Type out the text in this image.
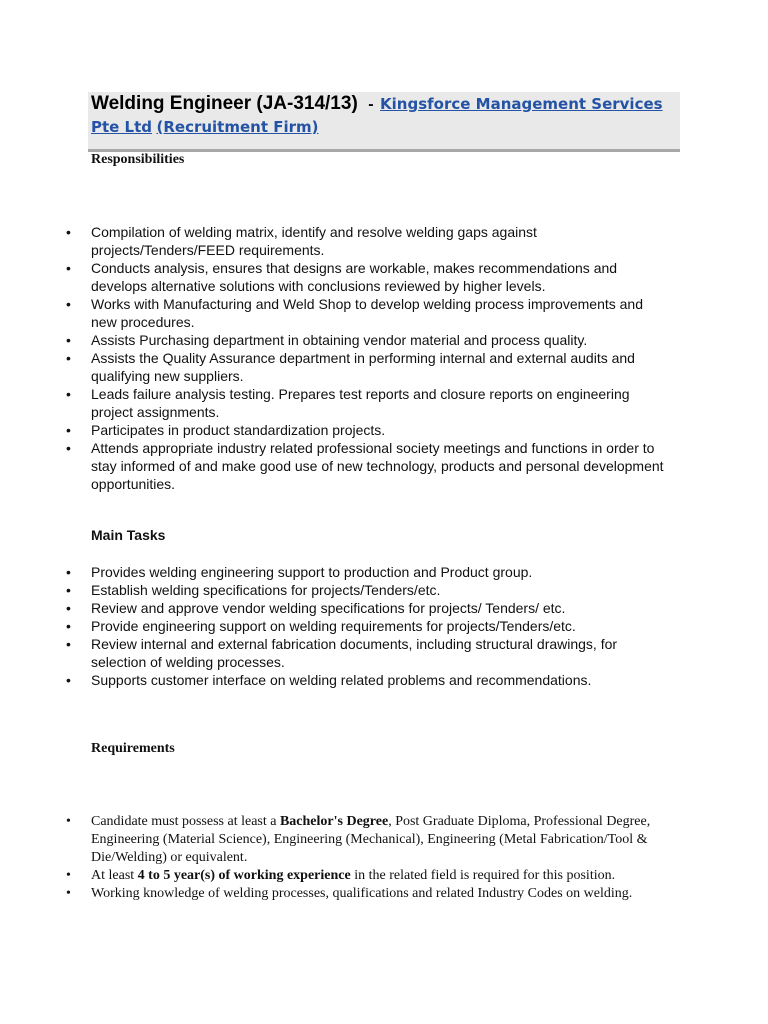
Welding Engineer (JA-314/13) - Kingsforce Management Services Pte Ltd (Recruitment Firm)
Responsibilities
• Compilation of welding matrix, identify and resolve welding gaps against projects/Tenders/FEED requirements.
• Conducts analysis, ensures that designs are workable, makes recommendations and develops alternative solutions with conclusions reviewed by higher levels.
• Works with Manufacturing and Weld Shop to develop welding process improvements and new procedures.
• Assists Purchasing department in obtaining vendor material and process quality.
• Assists the Quality Assurance department in performing internal and external audits and qualifying new suppliers.
• Leads failure analysis testing. Prepares test reports and closure reports on engineering project assignments.
• Participates in product standardization projects.
• Attends appropriate industry related professional society meetings and functions in order to stay informed of and make good use of new technology, products and personal development opportunities.
Main Tasks
• Provides welding engineering support to production and Product group.
• Establish welding specifications for projects/Tenders/etc.
• Review and approve vendor welding specifications for projects/ Tenders/ etc.
• Provide engineering support on welding requirements for projects/Tenders/etc.
• Review internal and external fabrication documents, including structural drawings, for selection of welding processes.
• Supports customer interface on welding related problems and recommendations.
Requirements
• Candidate must possess at least a Bachelor's Degree, Post Graduate Diploma, Professional Degree, Engineering (Material Science), Engineering (Mechanical), Engineering (Metal Fabrication/Tool & Die/Welding) or equivalent.
• At least 4 to 5 year(s) of working experience in the related field is required for this position.
• Working knowledge of welding processes, qualifications and related Industry Codes on welding.
